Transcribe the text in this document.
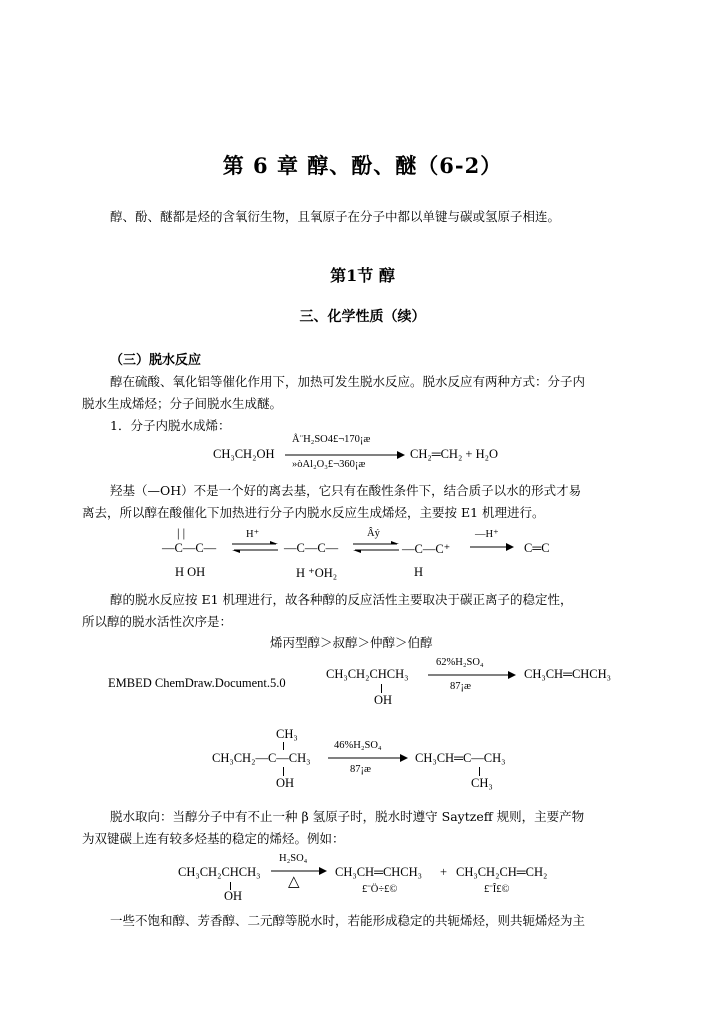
第 6 章 醇、酚、醚（6-2）
醇、酚、醚都是烃的含氧衍生物，且氧原子在分子中都以单键与碳或氢原子相连。
第1节 醇
三、化学性质（续）
（三）脱水反应
醇在硫酸、氧化铝等催化作用下，加热可发生脱水反应。脱水反应有两种方式：分子内
脱水生成烯烃；分子间脱水生成醚。
1．分子内脱水成烯：
CH₃CH₂OH
Å¨H₂SO4£¬170¡æ
»òAl₂O₃£¬360¡æ
CH₂═CH₂ + H₂O
羟基（—OH）不是一个好的离去基，它只有在酸性条件下，结合质子以水的形式才易
离去，所以醇在酸催化下加热进行分子内脱水反应生成烯烃，主要按 E1 机理进行。
| |
—C—C—
H OH
H⁺
—C—C—
H ⁺OH₂
Âý
—C—C⁺
H
—H⁺
C═C
醇的脱水反应按 E1 机理进行，故各种醇的反应活性主要取决于碳正离子的稳定性，
所以醇的脱水活性次序是：
烯丙型醇＞叔醇＞仲醇＞伯醇
EMBED ChemDraw.Document.5.0
CH₃CH₂CHCH₃
OH
62%H₂SO₄
87¡æ
CH₃CH═CHCH₃
CH₃
CH₃CH₂—C—CH₃
OH
46%H₂SO₄
87¡æ
CH₃CH═C—CH₃
CH₃
脱水取向：当醇分子中有不止一种 β 氢原子时，脱水时遵守 Saytzeff 规则，主要产物
为双键碳上连有较多烃基的稳定的烯烃。例如：
CH₃CH₂CHCH₃
OH
H₂SO₄
△
CH₃CH═CHCH₃ + CH₃CH₂CH═CH₂
£¨Ö÷£©	£¨Î£©
一些不饱和醇、芳香醇、二元醇等脱水时，若能形成稳定的共轭烯烃，则共轭烯烃为主
